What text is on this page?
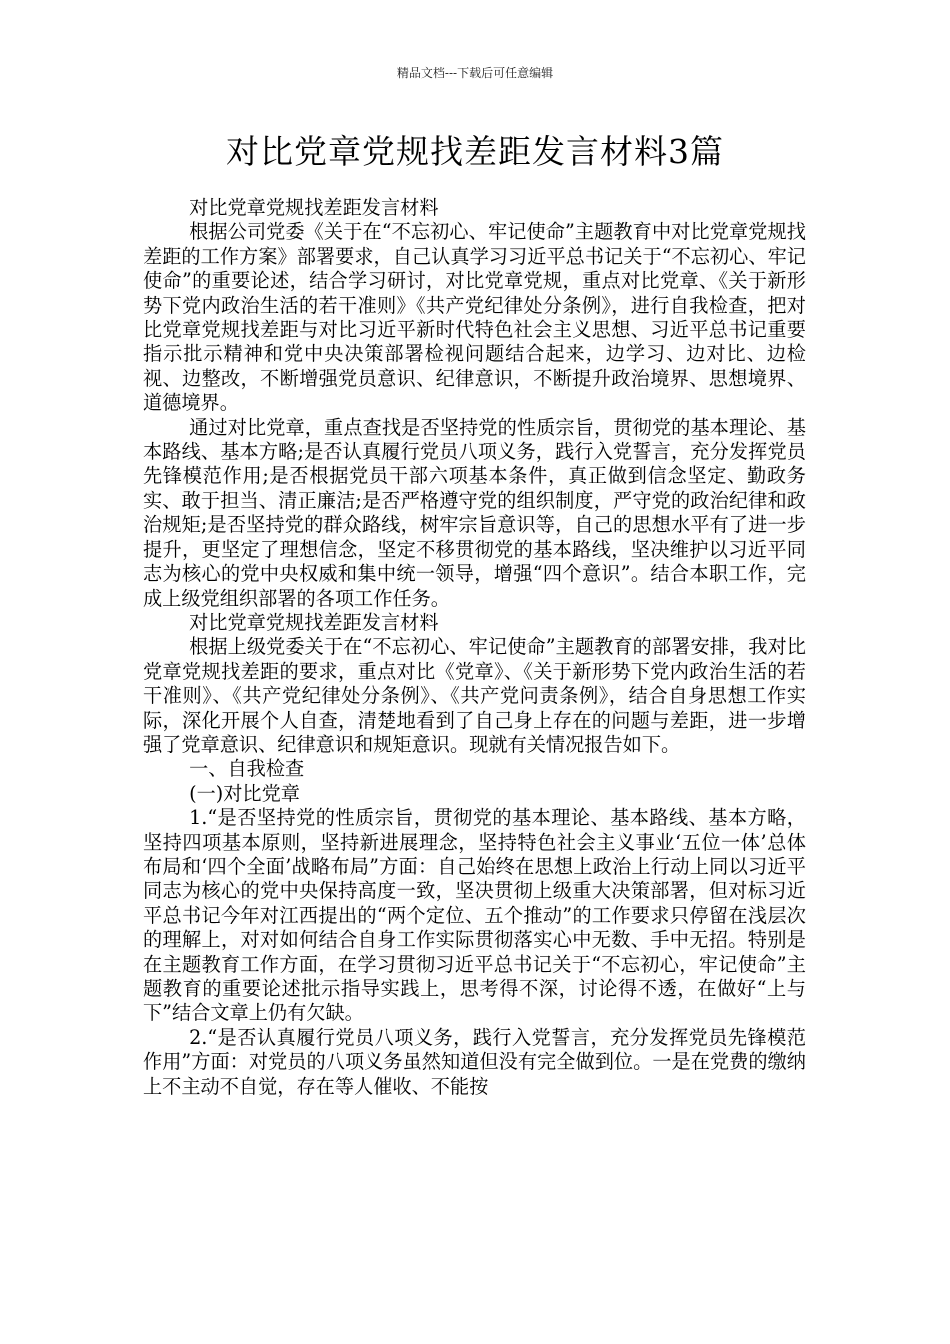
精品文档---下载后可任意编辑
对比党章党规找差距发言材料3篇

对比党章党规找差距发言材料

根据公司党委《关于在“不忘初心、牢记使命”主题教育中对比党章党规找差距的工作方案》部署要求，自己认真学习习近平总书记关于“不忘初心、牢记使命”的重要论述，结合学习研讨，对比党章党规，重点对比党章、《关于新形势下党内政治生活的若干准则》《共产党纪律处分条例》，进行自我检查，把对比党章党规找差距与对比习近平新时代特色社会主义思想、习近平总书记重要指示批示精神和党中央决策部署检视问题结合起来，边学习、边对比、边检视、边整改，不断增强党员意识、纪律意识，不断提升政治境界、思想境界、道德境界。

通过对比党章，重点查找是否坚持党的性质宗旨，贯彻党的基本理论、基本路线、基本方略;是否认真履行党员八项义务，践行入党誓言，充分发挥党员先锋模范作用;是否根据党员干部六项基本条件，真正做到信念坚定、勤政务实、敢于担当、清正廉洁;是否严格遵守党的组织制度，严守党的政治纪律和政治规矩;是否坚持党的群众路线，树牢宗旨意识等，自己的思想水平有了进一步提升，更坚定了理想信念，坚定不移贯彻党的基本路线，坚决维护以习近平同志为核心的党中央权威和集中统一领导，增强“四个意识”。结合本职工作，完成上级党组织部署的各项工作任务。

对比党章党规找差距发言材料

根据上级党委关于在“不忘初心、牢记使命”主题教育的部署安排，我对比党章党规找差距的要求，重点对比《党章》、《关于新形势下党内政治生活的若干准则》、《共产党纪律处分条例》、《共产党问责条例》，结合自身思想工作实际，深化开展个人自查，清楚地看到了自己身上存在的问题与差距，进一步增强了党章意识、纪律意识和规矩意识。现就有关情况报告如下。

一、自我检查

(一)对比党章

1.“是否坚持党的性质宗旨，贯彻党的基本理论、基本路线、基本方略，坚持四项基本原则，坚持新进展理念，坚持特色社会主义事业‘五位一体’总体布局和‘四个全面’战略布局”方面：自己始终在思想上政治上行动上同以习近平同志为核心的党中央保持高度一致，坚决贯彻上级重大决策部署，但对标习近平总书记今年对江西提出的“两个定位、五个推动”的工作要求只停留在浅层次的理解上，对对如何结合自身工作实际贯彻落实心中无数、手中无招。特别是在主题教育工作方面，在学习贯彻习近平总书记关于“不忘初心，牢记使命”主题教育的重要论述批示指导实践上，思考得不深，讨论得不透，在做好“上与下”结合文章上仍有欠缺。

2.“是否认真履行党员八项义务，践行入党誓言，充分发挥党员先锋模范作用”方面：对党员的八项义务虽然知道但没有完全做到位。一是在党费的缴纳上不主动不自觉，存在等人催收、不能按
